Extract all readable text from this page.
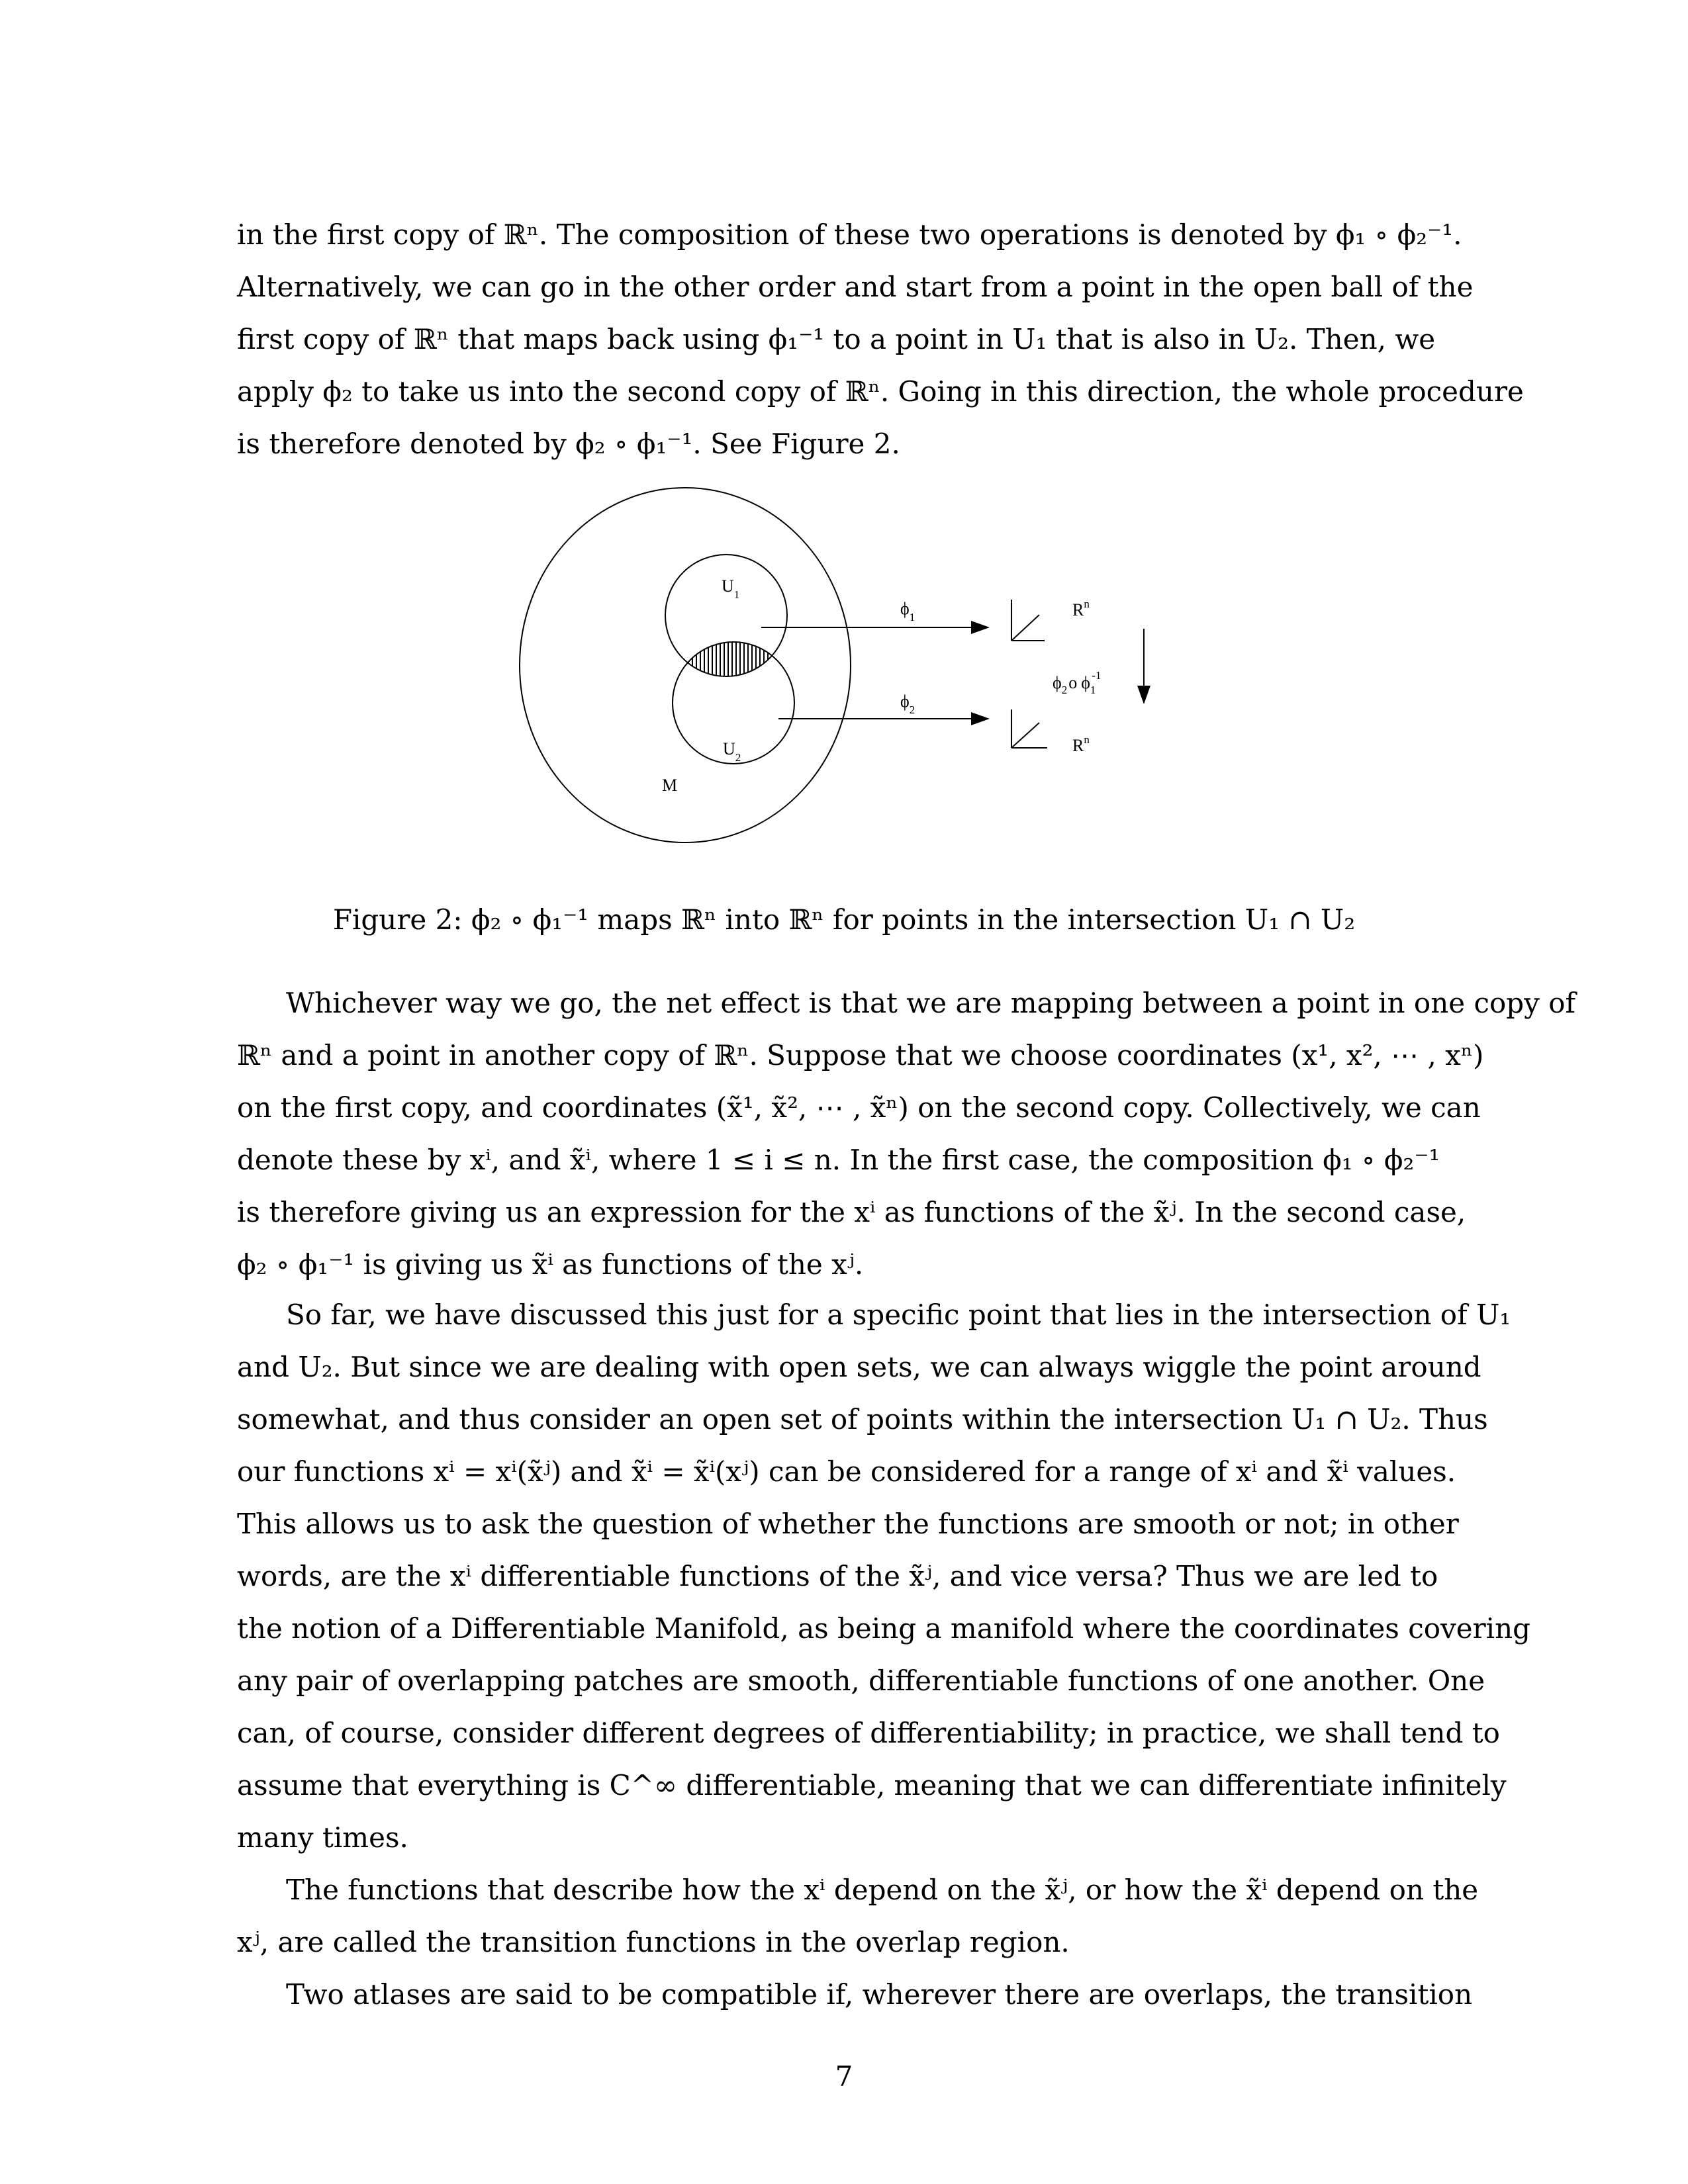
in the first copy of ℝⁿ. The composition of these two operations is denoted by ϕ₁ ∘ ϕ₂⁻¹.
Alternatively, we can go in the other order and start from a point in the open ball of the
first copy of ℝⁿ that maps back using ϕ₁⁻¹ to a point in U₁ that is also in U₂. Then, we
apply ϕ₂ to take us into the second copy of ℝⁿ. Going in this direction, the whole procedure
is therefore denoted by ϕ₂ ∘ ϕ₁⁻¹. See Figure 2.
$U_1$
$U_2$
M
$\phi_1$
$\phi_2$
$R^n$
$R^n$
$\phi_2o$ $\phi_1-1$
Figure 2: ϕ₂ ∘ ϕ₁⁻¹ maps ℝⁿ into ℝⁿ for points in the intersection U₁ ∩ U₂
Whichever way we go, the net effect is that we are mapping between a point in one copy of
ℝⁿ and a point in another copy of ℝⁿ. Suppose that we choose coordinates (x¹, x², ⋯ , xⁿ)
on the first copy, and coordinates (x̃¹, x̃², ⋯ , x̃ⁿ) on the second copy. Collectively, we can
denote these by xⁱ, and x̃ⁱ, where 1 ≤ i ≤ n. In the first case, the composition ϕ₁ ∘ ϕ₂⁻¹
is therefore giving us an expression for the xⁱ as functions of the x̃ʲ. In the second case,
ϕ₂ ∘ ϕ₁⁻¹ is giving us x̃ⁱ as functions of the xʲ.
So far, we have discussed this just for a specific point that lies in the intersection of U₁
and U₂. But since we are dealing with open sets, we can always wiggle the point around
somewhat, and thus consider an open set of points within the intersection U₁ ∩ U₂. Thus
our functions xⁱ = xⁱ(x̃ʲ) and x̃ⁱ = x̃ⁱ(xʲ) can be considered for a range of xⁱ and x̃ⁱ values.
This allows us to ask the question of whether the functions are smooth or not; in other
words, are the xⁱ differentiable functions of the x̃ʲ, and vice versa? Thus we are led to
the notion of a Differentiable Manifold, as being a manifold where the coordinates covering
any pair of overlapping patches are smooth, differentiable functions of one another. One
can, of course, consider different degrees of differentiability; in practice, we shall tend to
assume that everything is C^∞ differentiable, meaning that we can differentiate infinitely
many times.
The functions that describe how the xⁱ depend on the x̃ʲ, or how the x̃ⁱ depend on the
xʲ, are called the transition functions in the overlap region.
Two atlases are said to be compatible if, wherever there are overlaps, the transition
7
